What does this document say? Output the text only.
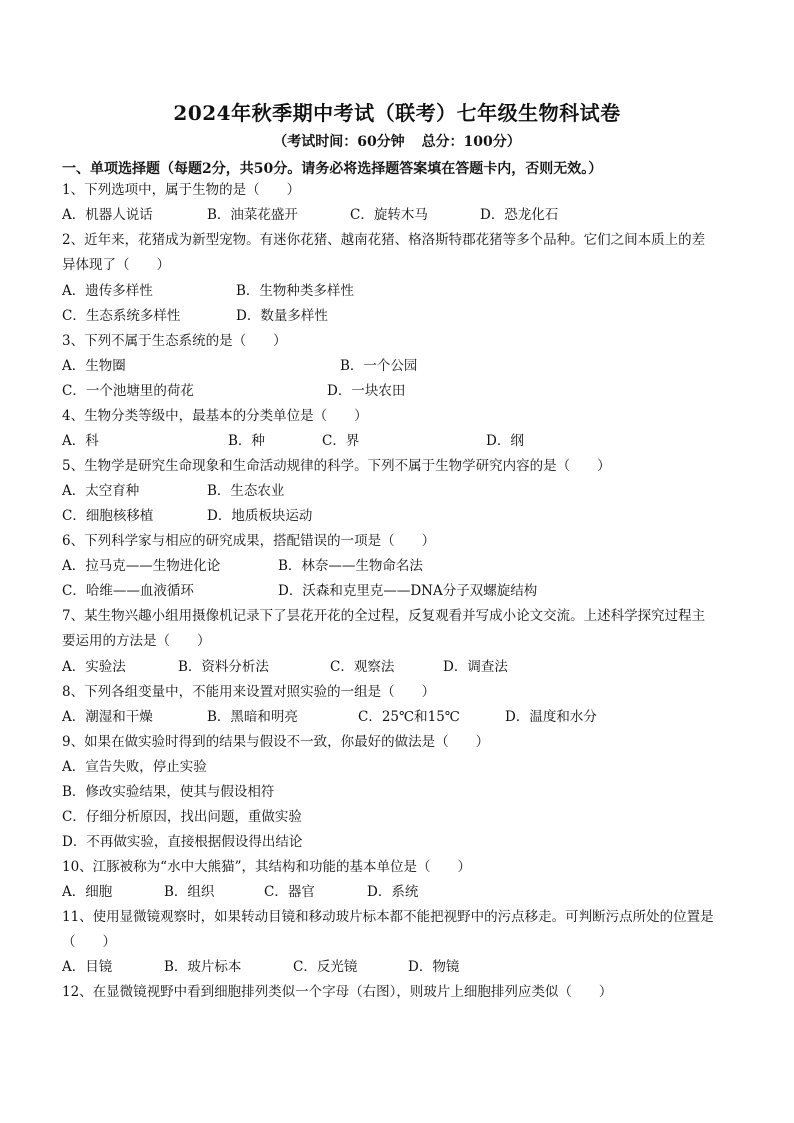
2024年秋季期中考试（联考）七年级生物科试卷
（考试时间：60分钟 总分：100分）
一、单项选择题（每题2分，共50分。请务必将选择题答案填在答题卡内，否则无效。）
1、下列选项中，属于生物的是（　　）
A．机器人说话	B．油菜花盛开	C．旋转木马	D．恐龙化石
2、近年来，花猪成为新型宠物。有迷你花猪、越南花猪、格洛斯特郡花猪等多个品种。它们之间本质上的差
异体现了（　　）
A．遗传多样性	B．生物种类多样性
C．生态系统多样性	D．数量多样性
3、下列不属于生态系统的是（　　）
A．生物圈	B．一个公园
C．一个池塘里的荷花	D．一块农田
4、生物分类等级中，最基本的分类单位是（　　）
A．科	B．种	C．界	D．纲
5、生物学是研究生命现象和生命活动规律的科学。下列不属于生物学研究内容的是（　　）
A．太空育种	B．生态农业
C．细胞核移植	D．地质板块运动
6、下列科学家与相应的研究成果，搭配错误的一项是（　　）
A．拉马克——生物进化论	B．林奈——生物命名法
C．哈维——血液循环	D．沃森和克里克——DNA分子双螺旋结构
7、某生物兴趣小组用摄像机记录下了昙花开花的全过程，反复观看并写成小论文交流。上述科学探究过程主
要运用的方法是（　　）
A．实验法	B．资料分析法	C．观察法	D．调查法
8、下列各组变量中，不能用来设置对照实验的一组是（　　）
A．潮湿和干燥	B．黑暗和明亮	C．25℃和15℃	D．温度和水分
9、如果在做实验时得到的结果与假设不一致，你最好的做法是（　　）
A．宣告失败，停止实验
B．修改实验结果，使其与假设相符
C．仔细分析原因，找出问题，重做实验
D．不再做实验，直接根据假设得出结论
10、江豚被称为“水中大熊猫”，其结构和功能的基本单位是（　　）
A．细胞	B．组织	C．器官	D．系统
11、使用显微镜观察时，如果转动目镜和移动玻片标本都不能把视野中的污点移走。可判断污点所处的位置是
（　　）
A．目镜	B．玻片标本	C．反光镜	D．物镜
12、在显微镜视野中看到细胞排列类似一个字母（右图），则玻片上细胞排列应类似（　　）
